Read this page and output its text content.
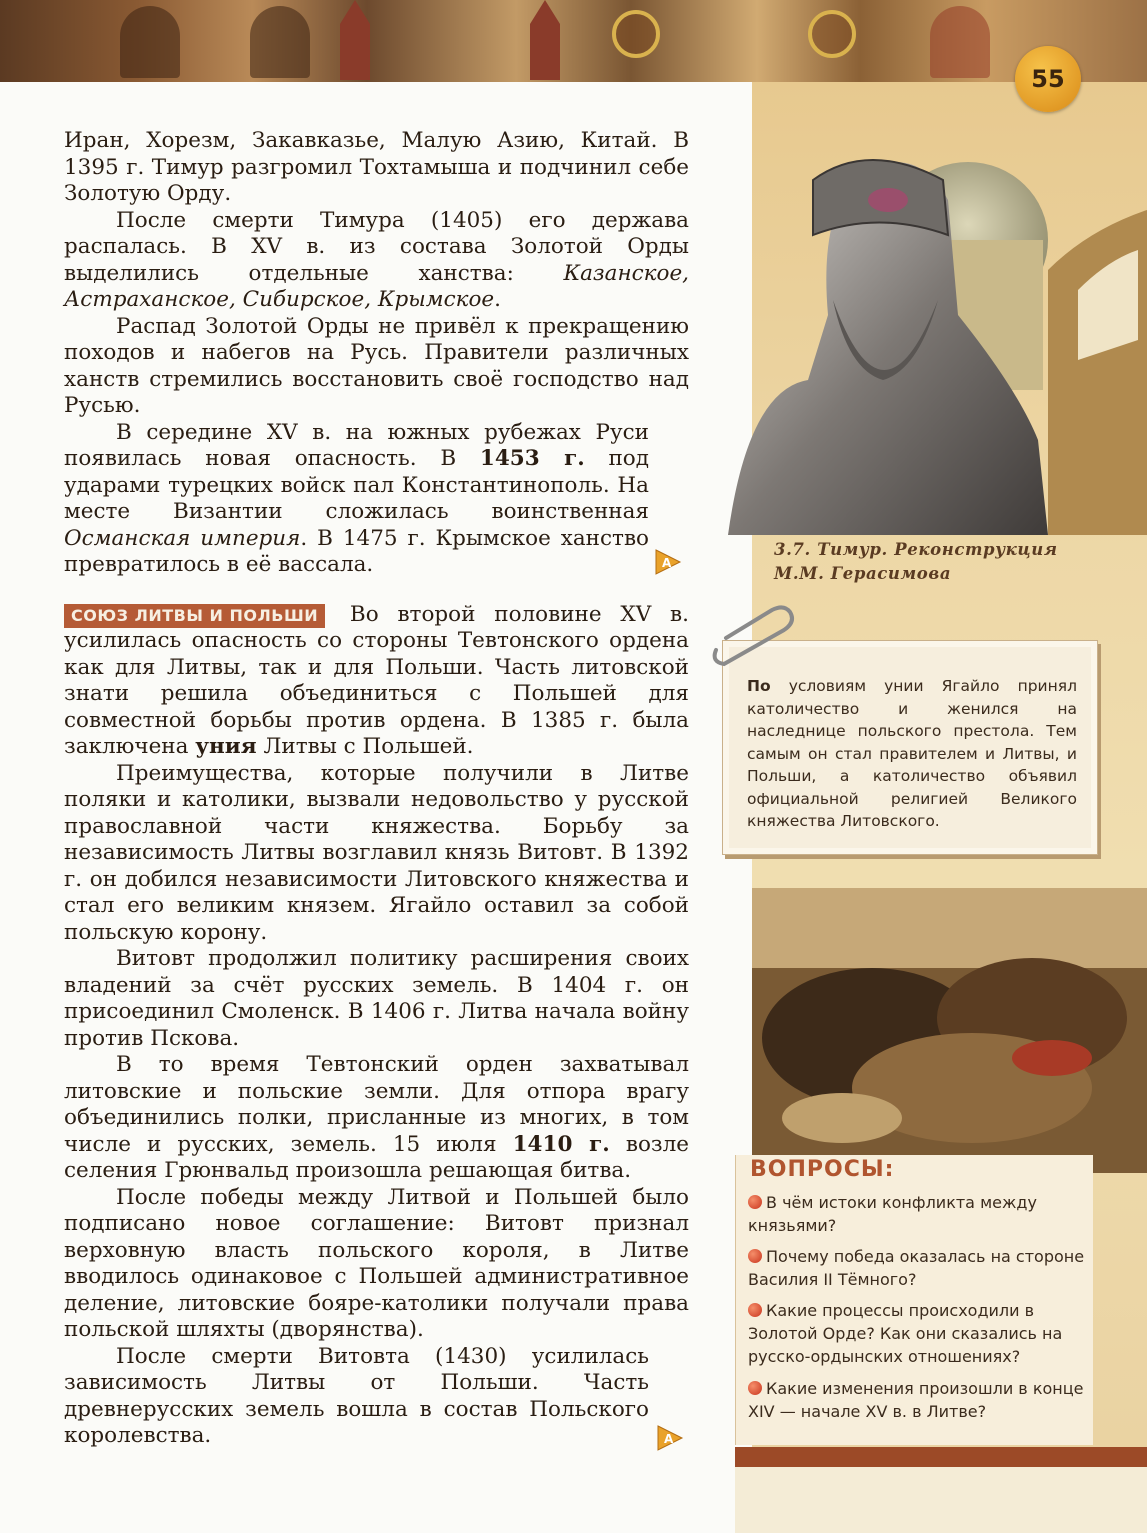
Иран, Хорезм, Закавказье, Малую Азию, Китай. В 1395 г. Тимур разгромил Тохтамыша и подчинил себе Золотую Орду.

После смерти Тимура (1405) его держава распалась. В XV в. из состава Золотой Орды выделились отдельные ханства: Казанское, Астраханское, Сибирское, Крымское.

Распад Золотой Орды не привёл к прекращению походов и набегов на Русь. Правители различных ханств стремились восстановить своё господство над Русью.

В середине XV в. на южных рубежах Руси появилась новая опасность. В 1453 г. под ударами турецких войск пал Константинополь. На месте Византии сложилась воинственная Османская империя. В 1475 г. Крымское ханство превратилось в её вассала.

СОЮЗ ЛИТВЫ И ПОЛЬШИ Во второй половине XV в. усилилась опасность со стороны Тевтонского ордена как для Литвы, так и для Польши. Часть литовской знати решила объединиться с Польшей для совместной борьбы против ордена. В 1385 г. была заключена уния Литвы с Польшей.

Преимущества, которые получили в Литве поляки и католики, вызвали недовольство у русской православной части княжества. Борьбу за независимость Литвы возглавил князь Витовт. В 1392 г. он добился независимости Литовского княжества и стал его великим князем. Ягайло оставил за собой польскую корону.

Витовт продолжил политику расширения своих владений за счёт русских земель. В 1404 г. он присоединил Смоленск. В 1406 г. Литва начала войну против Пскова.

В то время Тевтонский орден захватывал литовские и польские земли. Для отпора врагу объединились полки, присланные из многих, в том числе и русских, земель. 15 июля 1410 г. возле селения Грюнвальд произошла решающая битва.

После победы между Литвой и Польшей было подписано новое соглашение: Витовт признал верховную власть польского короля, в Литве вводилось одинаковое с Польшей административное деление, литовские бояре-католики получали права польской шляхты (дворянства).

После смерти Витовта (1430) усилилась зависимость Литвы от Польши. Часть древнерусских земель вошла в состав Польского королевства.

A
A
55
3.7. Тимур. Реконструкция
М.М. Герасимова
По условиям унии Ягайло принял католичество и женился на наследнице польского престола. Тем самым он стал правителем и Литвы, и Польши, а католичество объявил официальной религией Великого княжества Литовского.
ВОПРОСЫ:
В чём истоки конфликта между князьями?
Почему победа оказалась на стороне Василия II Тёмного?
Какие процессы происходили в Золотой Орде? Как они сказались на русско-ордынских отношениях?
Какие изменения произошли в конце XIV — начале XV в. в Литве?
